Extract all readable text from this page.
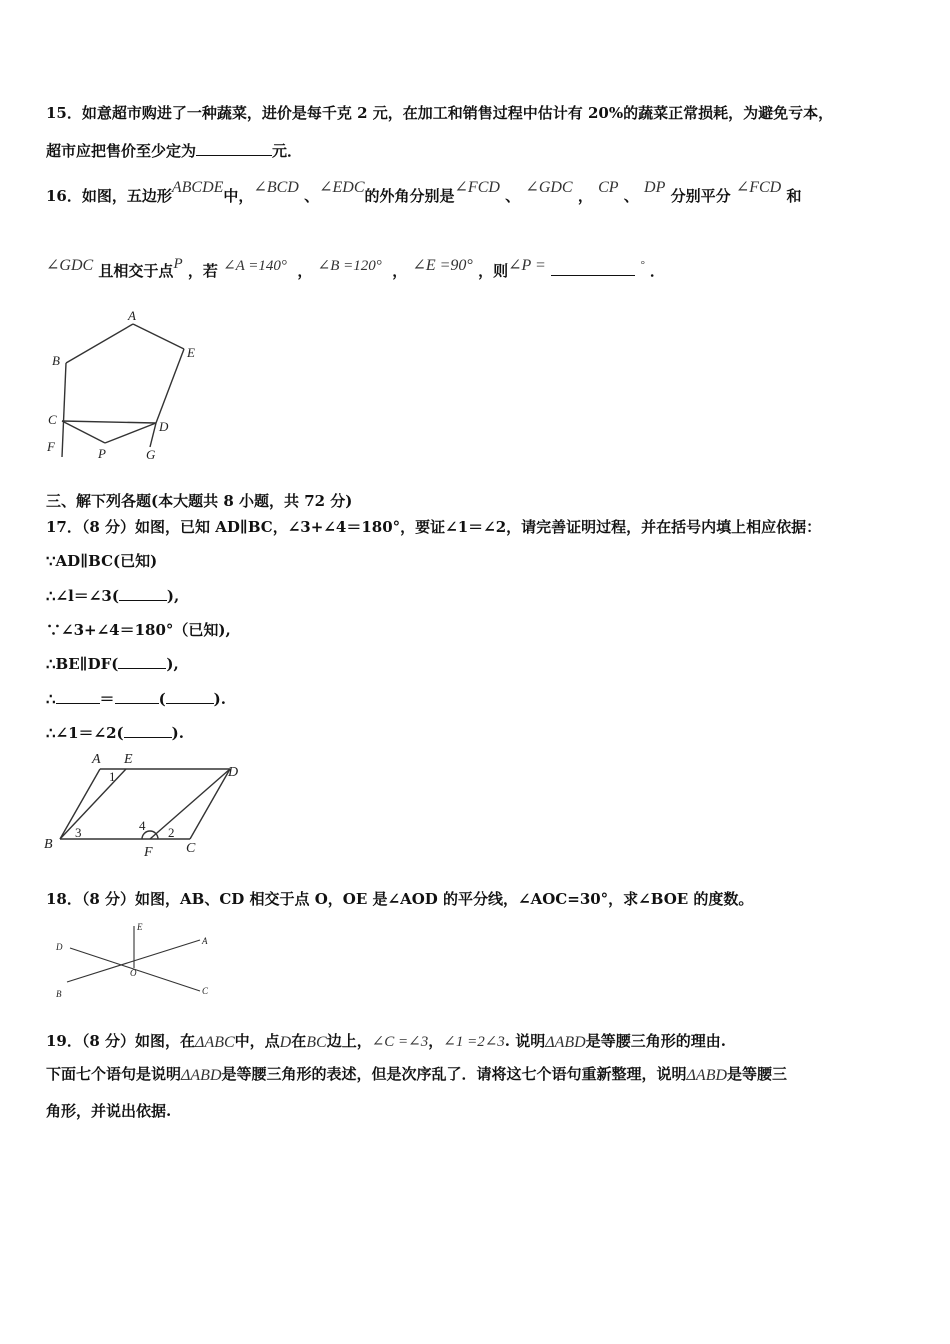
15．如意超市购进了一种蔬菜，进价是每千克 2 元，在加工和销售过程中估计有 20%的蔬菜正常损耗，为避免亏本，
超市应把售价至少定为	元．
16．如图，五边形ABCDE中，∠BCD 、∠EDC的外角分别是∠FCD 、 ∠GDC ， CP 、 DP 分别平分 ∠FCD 和
∠GDC 且相交于点P ，若 ∠A =140° ， ∠B =120° ， ∠E =90° ，则∠P =	° ．
A
E
B
C	D
F	P	G
三、解下列各题(本大题共 8 小题，共 72 分)
17．（8 分）如图，已知 AD∥BC，∠3+∠4＝180°，要证∠1＝∠2，请完善证明过程，并在括号内填上相应依据：
∵AD∥BC(已知)
∴∠l＝∠3(	),
∵∠3+∠4＝180°（已知),
∴BE∥DF(	),
∴	＝	(	).
∴∠1＝∠2(	).
A E
D
B
F C
1
3	4 2
18．（8 分）如图，AB、CD 相交于点 O，OE 是∠AOD 的平分线，∠AOC=30°，求∠BOE 的度数。
E
A
D
O
B	C
19．（8 分）如图，在ΔABC中，点D在BC边上，∠C =∠3，∠1 =2∠3. 说明ΔABD是等腰三角形的理由.
下面七个语句是说明ΔABD是等腰三角形的表述，但是次序乱了．请将这七个语句重新整理，说明ΔABD是等腰三
角形，并说出依据.
